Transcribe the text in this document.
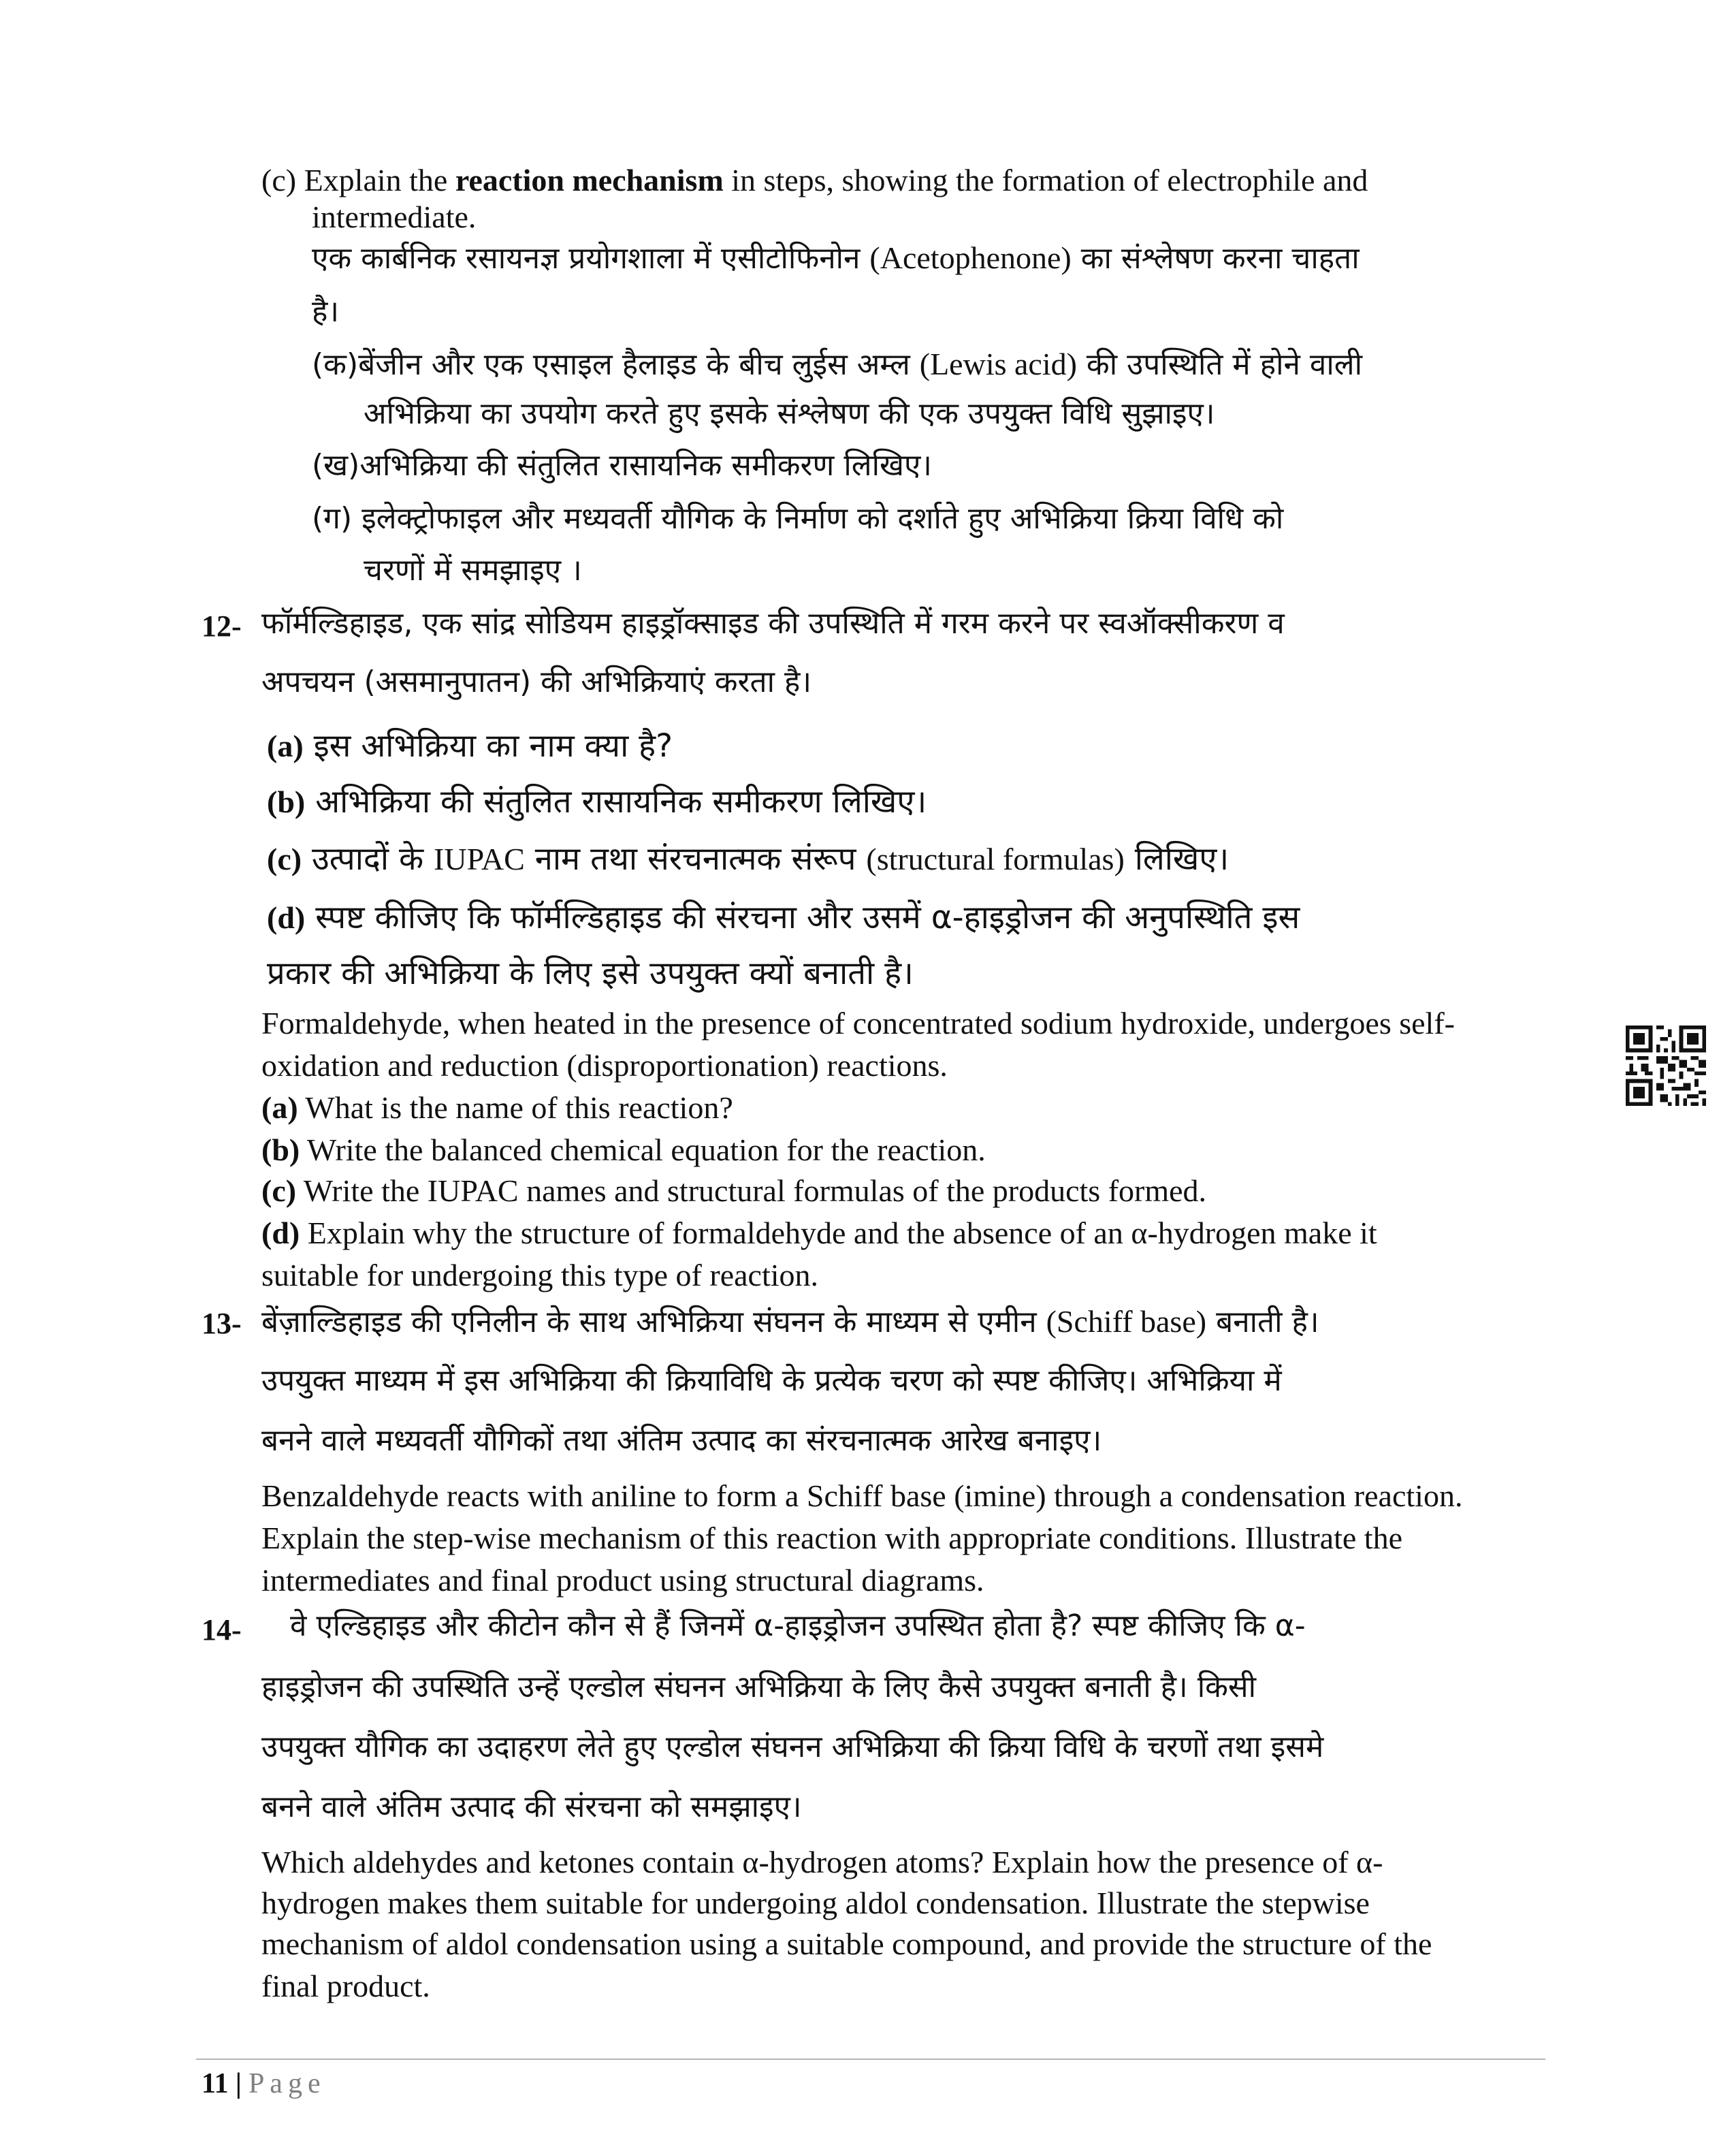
(c) Explain the reaction mechanism in steps, showing the formation of electrophile and
intermediate.
एक कार्बनिक रसायनज्ञ प्रयोगशाला में एसीटोफिनोन (Acetophenone) का संश्लेषण करना चाहता
है।
(क)बेंजीन और एक एसाइल हैलाइड के बीच लुईस अम्ल (Lewis acid) की उपस्थिति में होने वाली
अभिक्रिया का उपयोग करते हुए इसके संश्लेषण की एक उपयुक्त विधि सुझाइए।
(ख)अभिक्रिया की संतुलित रासायनिक समीकरण लिखिए।
(ग) इलेक्ट्रोफाइल और मध्यवर्ती यौगिक के निर्माण को दर्शाते हुए अभिक्रिया क्रिया विधि को
चरणों में समझाइए ।
12- फॉर्मल्डिहाइड, एक सांद्र सोडियम हाइड्रॉक्साइड की उपस्थिति में गरम करने पर स्वऑक्सीकरण व
अपचयन (असमानुपातन) की अभिक्रियाएं करता है।
(a) इस अभिक्रिया का नाम क्या है?
(b) अभिक्रिया की संतुलित रासायनिक समीकरण लिखिए।
(c) उत्पादों के IUPAC नाम तथा संरचनात्मक संरूप (structural formulas) लिखिए।
(d) स्पष्ट कीजिए कि फॉर्मल्डिहाइड की संरचना और उसमें α-हाइड्रोजन की अनुपस्थिति इस
प्रकार की अभिक्रिया के लिए इसे उपयुक्त क्यों बनाती है।
Formaldehyde, when heated in the presence of concentrated sodium hydroxide, undergoes self-
oxidation and reduction (disproportionation) reactions.
(a) What is the name of this reaction?
(b) Write the balanced chemical equation for the reaction.
(c) Write the IUPAC names and structural formulas of the products formed.
(d) Explain why the structure of formaldehyde and the absence of an α-hydrogen make it
suitable for undergoing this type of reaction.
13- बेंज़ाल्डिहाइड की एनिलीन के साथ अभिक्रिया संघनन के माध्यम से एमीन (Schiff base) बनाती है।
उपयुक्त माध्यम में इस अभिक्रिया की क्रियाविधि के प्रत्येक चरण को स्पष्ट कीजिए। अभिक्रिया में
बनने वाले मध्यवर्ती यौगिकों तथा अंतिम उत्पाद का संरचनात्मक आरेख बनाइए।
Benzaldehyde reacts with aniline to form a Schiff base (imine) through a condensation reaction.
Explain the step-wise mechanism of this reaction with appropriate conditions. Illustrate the
intermediates and final product using structural diagrams.
14- वे एल्डिहाइड और कीटोन कौन से हैं जिनमें α-हाइड्रोजन उपस्थित होता है? स्पष्ट कीजिए कि α-
हाइड्रोजन की उपस्थिति उन्हें एल्डोल संघनन अभिक्रिया के लिए कैसे उपयुक्त बनाती है। किसी
उपयुक्त यौगिक का उदाहरण लेते हुए एल्डोल संघनन अभिक्रिया की क्रिया विधि के चरणों तथा इसमे
बनने वाले अंतिम उत्पाद की संरचना को समझाइए।
Which aldehydes and ketones contain α-hydrogen atoms? Explain how the presence of α-
hydrogen makes them suitable for undergoing aldol condensation. Illustrate the stepwise
mechanism of aldol condensation using a suitable compound, and provide the structure of the
final product.
11 | Page
